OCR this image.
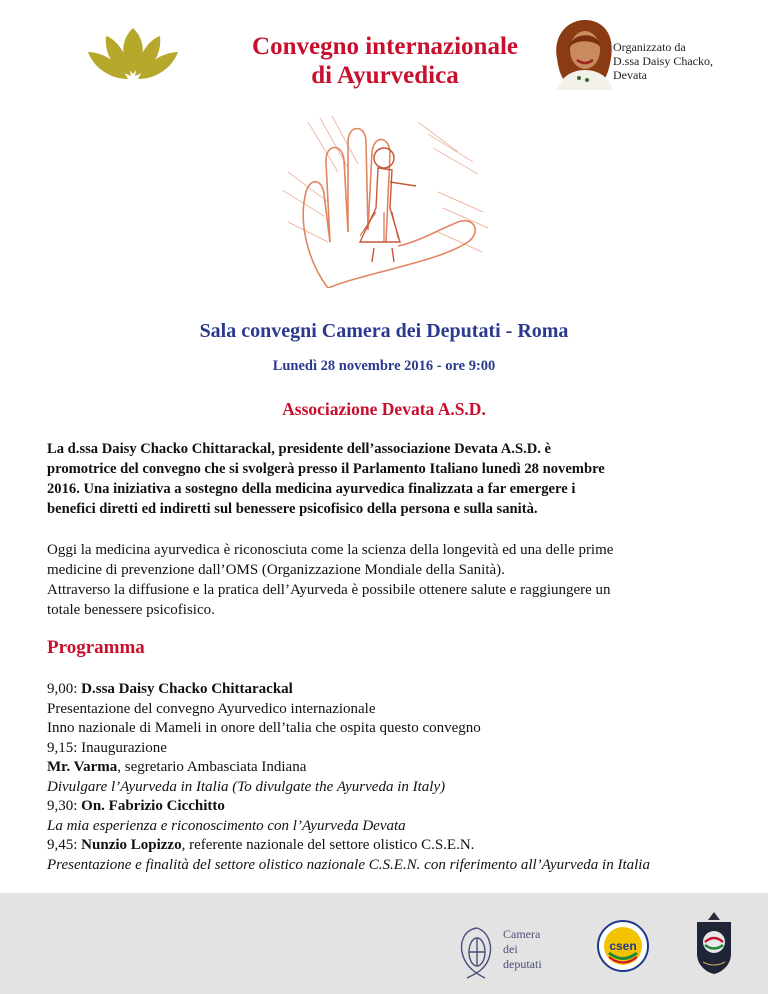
Convegno internazionale
di Ayurvedica
Organizzato da
D.ssa Daisy Chacko,
Devata
Sala convegni Camera dei Deputati - Roma
Lunedì 28 novembre 2016 - ore 9:00
Associazione Devata A.S.D.
La d.ssa Daisy Chacko Chittarackal, presidente dell’associazione Devata A.S.D. è
promotrice del convegno che si svolgerà presso il Parlamento Italiano lunedì 28 novembre
2016. Una iniziativa a sostegno della medicina ayurvedica finalizzata a far emergere i
benefici diretti ed indiretti sul benessere psicofisico della persona e sulla sanità.
Oggi la medicina ayurvedica è riconosciuta come la scienza della longevità ed una delle prime
medicine di prevenzione dall’OMS (Organizzazione Mondiale della Sanità).
Attraverso la diffusione e la pratica dell’Ayurveda è possibile ottenere salute e raggiungere un
totale benessere psicofisico.
Programma
9,00: D.ssa Daisy Chacko Chittarackal
Presentazione del convegno Ayurvedico internazionale
Inno nazionale di Mameli in onore dell’talia che ospita questo convegno
9,15: Inaugurazione
Mr. Varma, segretario Ambasciata Indiana
Divulgare l’Ayurveda in Italia (To divulgate the Ayurveda in Italy)
9,30: On. Fabrizio Cicchitto
La mia esperienza e riconoscimento con l’Ayurveda Devata
9,45: Nunzio Lopizzo, referente nazionale del settore olistico C.S.E.N.
Presentazione e finalità del settore olistico nazionale C.S.E.N. con riferimento all’Ayurveda in Italia
Camera
dei
deputati
csen
